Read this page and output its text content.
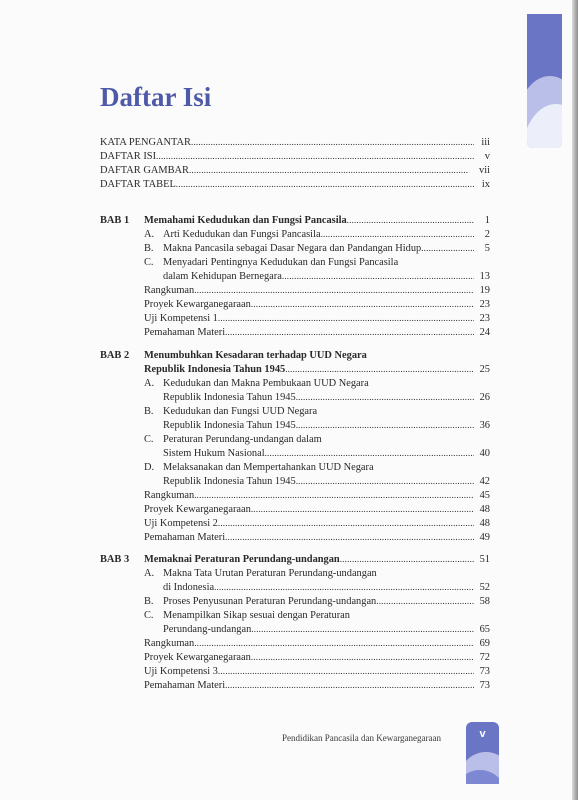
Daftar Isi
KATA PENGANTAR .....	iii
DAFTAR ISI .....	v
DAFTAR GAMBAR .....	vii
DAFTAR TABEL .....	ix
BAB 1 Memahami Kedudukan dan Fungsi Pancasila .....	1
A. Arti Kedudukan dan Fungsi Pancasila .....	2
B. Makna Pancasila sebagai Dasar Negara dan Pandangan Hidup .....	5
C. Menyadari Pentingnya Kedudukan dan Fungsi Pancasila
dalam Kehidupan Bernegara .....	13
Rangkuman .....	19
Proyek Kewarganegaraan .....	23
Uji Kompetensi 1 .....	23
Pemahaman Materi .....	24
BAB 2 Menumbuhkan Kesadaran terhadap UUD Negara
Republik Indonesia Tahun 1945 .....	25
A. Kedudukan dan Makna Pembukaan UUD Negara
Republik Indonesia Tahun 1945 .....	26
B. Kedudukan dan Fungsi UUD Negara
Republik Indonesia Tahun 1945 .....	36
C. Peraturan Perundang-undangan dalam
Sistem Hukum Nasional .....	40
D. Melaksanakan dan Mempertahankan UUD Negara
Republik Indonesia Tahun 1945 .....	42
Rangkuman .....	45
Proyek Kewarganegaraan .....	48
Uji Kompetensi 2 .....	48
Pemahaman Materi .....	49
BAB 3 Memaknai Peraturan Perundang-undangan .....	51
A. Makna Tata Urutan Peraturan Perundang-undangan
di Indonesia .....	52
B. Proses Penyusunan Peraturan Perundang-undangan .....	58
C. Menampilkan Sikap sesuai dengan Peraturan
Perundang-undangan .....	65
Rangkuman .....	69
Proyek Kewarganegaraan .....	72
Uji Kompetensi 3 .....	73
Pemahaman Materi .....	73
Pendidikan Pancasila dan Kewarganegaraan	v
